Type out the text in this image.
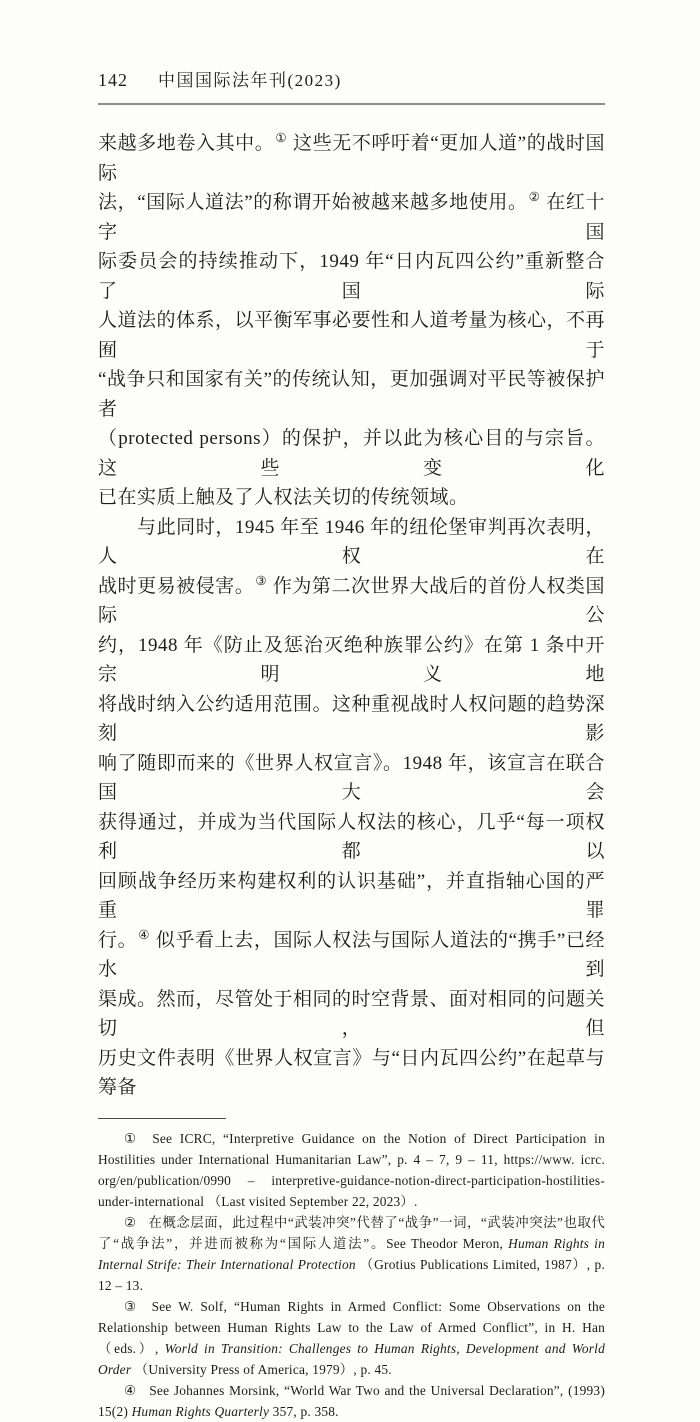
142 中国国际法年刊(2023)
来越多地卷入其中。① 这些无不呼吁着“更加人道”的战时国际
法，“国际人道法”的称谓开始被越来越多地使用。② 在红十字国
际委员会的持续推动下，1949 年“日内瓦四公约”重新整合了国际
人道法的体系，以平衡军事必要性和人道考量为核心，不再囿于
“战争只和国家有关”的传统认知，更加强调对平民等被保护者
（protected persons）的保护，并以此为核心目的与宗旨。这些变化
已在实质上触及了人权法关切的传统领域。
与此同时，1945 年至 1946 年的纽伦堡审判再次表明，人权在
战时更易被侵害。③ 作为第二次世界大战后的首份人权类国际公
约，1948 年《防止及惩治灭绝种族罪公约》在第 1 条中开宗明义地
将战时纳入公约适用范围。这种重视战时人权问题的趋势深刻影
响了随即而来的《世界人权宣言》。1948 年，该宣言在联合国大会
获得通过，并成为当代国际人权法的核心，几乎“每一项权利都以
回顾战争经历来构建权利的认识基础”，并直指轴心国的严重罪
行。④ 似乎看上去，国际人权法与国际人道法的“携手”已经水到
渠成。然而，尽管处于相同的时空背景、面对相同的问题关切，但
历史文件表明《世界人权宣言》与“日内瓦四公约”在起草与筹备
① See ICRC, “Interpretive Guidance on the Notion of Direct Participation in Hostilities under International Humanitarian Law”, p. 4 – 7, 9 – 11, https://www. icrc. org/en/publication/0990 – interpretive-guidance-notion-direct-participation-hostilities-under-international （Last visited September 22, 2023）.
② 在概念层面，此过程中“武装冲突”代替了“战争”一词，“武装冲突法”也取代了“战争法”，并进而被称为“国际人道法”。See Theodor Meron, Human Rights in Internal Strife: Their International Protection （Grotius Publications Limited, 1987）, p. 12 – 13.
③ See W. Solf, “Human Rights in Armed Conflict: Some Observations on the Relationship between Human Rights Law to the Law of Armed Conflict”, in H. Han （eds.）, World in Transition: Challenges to Human Rights, Development and World Order （University Press of America, 1979）, p. 45.
④ See Johannes Morsink, “World War Two and the Universal Declaration”, (1993) 15(2) Human Rights Quarterly 357, p. 358.
